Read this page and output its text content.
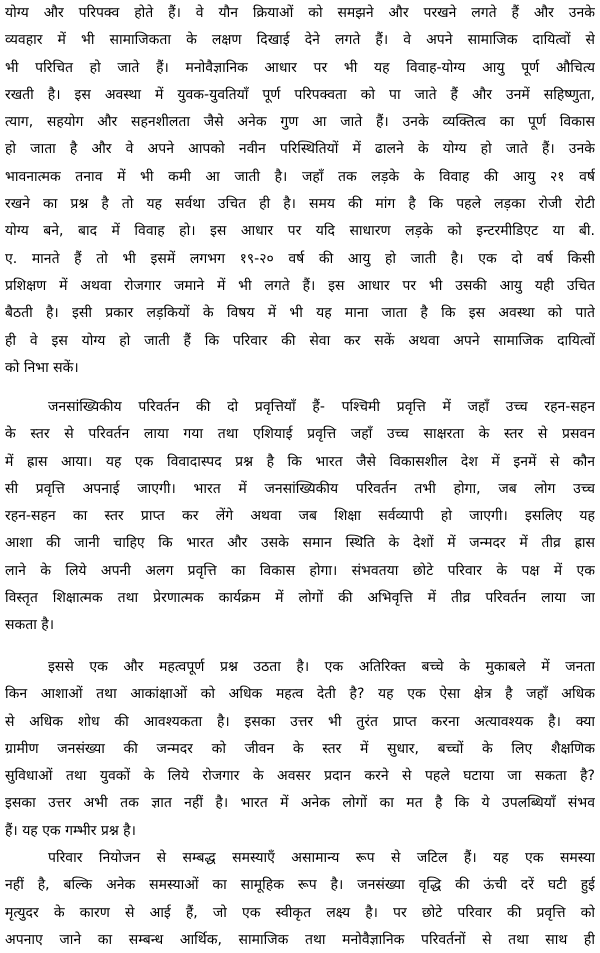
योग्य और परिपक्व होते हैं। वे यौन क्रियाओं को समझने और परखने लगते हैं और उनके
व्यवहार में भी सामाजिकता के लक्षण दिखाई देने लगते हैं। वे अपने सामाजिक दायित्वों से
भी परिचित हो जाते हैं। मनोवैज्ञानिक आधार पर भी यह विवाह-योग्य आयु पूर्ण औचित्य
रखती है। इस अवस्था में युवक-युवतियाँ पूर्ण परिपक्वता को पा जाते हैं और उनमें सहिष्णुता,
त्याग, सहयोग और सहनशीलता जैसे अनेक गुण आ जाते हैं। उनके व्यक्तित्व का पूर्ण विकास
हो जाता है और वे अपने आपको नवीन परिस्थितियों में ढालने के योग्य हो जाते हैं। उनके
भावनात्मक तनाव में भी कमी आ जाती है। जहाँ तक लड़के के विवाह की आयु २१ वर्ष
रखने का प्रश्न है तो यह सर्वथा उचित ही है। समय की मांग है कि पहले लड़का रोजी रोटी
योग्य बने, बाद में विवाह हो। इस आधार पर यदि साधारण लड़के को इन्टरमीडिएट या बी.
ए. मानते हैं तो भी इसमें लगभग १९-२० वर्ष की आयु हो जाती है। एक दो वर्ष किसी
प्रशिक्षण में अथवा रोजगार जमाने में भी लगते हैं। इस आधार पर भी उसकी आयु यही उचित
बैठती है। इसी प्रकार लड़कियों के विषय में भी यह माना जाता है कि इस अवस्था को पाते
ही वे इस योग्य हो जाती हैं कि परिवार की सेवा कर सकें अथवा अपने सामाजिक दायित्वों
को निभा सकें।
जनसांख्यिकीय परिवर्तन की दो प्रवृत्तियाँ हैं- पश्चिमी प्रवृत्ति में जहाँ उच्च रहन-सहन
के स्तर से परिवर्तन लाया गया तथा एशियाई प्रवृत्ति जहाँ उच्च साक्षरता के स्तर से प्रसवन
में ह्रास आया। यह एक विवादास्पद प्रश्न है कि भारत जैसे विकासशील देश में इनमें से कौन
सी प्रवृत्ति अपनाई जाएगी। भारत में जनसांख्यिकीय परिवर्तन तभी होगा, जब लोग उच्च
रहन-सहन का स्तर प्राप्त कर लेंगे अथवा जब शिक्षा सर्वव्यापी हो जाएगी। इसलिए यह
आशा की जानी चाहिए कि भारत और उसके समान स्थिति के देशों में जन्मदर में तीव्र ह्रास
लाने के लिये अपनी अलग प्रवृत्ति का विकास होगा। संभवतया छोटे परिवार के पक्ष में एक
विस्तृत शिक्षात्मक तथा प्रेरणात्मक कार्यक्रम में लोगों की अभिवृत्ति में तीव्र परिवर्तन लाया जा
सकता है।
इससे एक और महत्वपूर्ण प्रश्न उठता है। एक अतिरिक्त बच्चे के मुकाबले में जनता
किन आशाओं तथा आकांक्षाओं को अधिक महत्व देती है? यह एक ऐसा क्षेत्र है जहाँ अधिक
से अधिक शोध की आवश्यकता है। इसका उत्तर भी तुरंत प्राप्त करना अत्यावश्यक है। क्या
ग्रामीण जनसंख्या की जन्मदर को जीवन के स्तर में सुधार, बच्चों के लिए शैक्षणिक
सुविधाओं तथा युवकों के लिये रोजगार के अवसर प्रदान करने से पहले घटाया जा सकता है?
इसका उत्तर अभी तक ज्ञात नहीं है। भारत में अनेक लोगों का मत है कि ये उपलब्धियाँ संभव
हैं। यह एक गम्भीर प्रश्न है।
परिवार नियोजन से सम्बद्ध समस्याएँ असामान्य रूप से जटिल हैं। यह एक समस्या
नहीं है, बल्कि अनेक समस्याओं का सामूहिक रूप है। जनसंख्या वृद्धि की ऊंची दरें घटी हुई
मृत्युदर के कारण से आई हैं, जो एक स्वीकृत लक्ष्य है। पर छोटे परिवार की प्रवृत्ति को
अपनाए जाने का सम्बन्ध आर्थिक, सामाजिक तथा मनोवैज्ञानिक परिवर्तनों से तथा साथ ही
